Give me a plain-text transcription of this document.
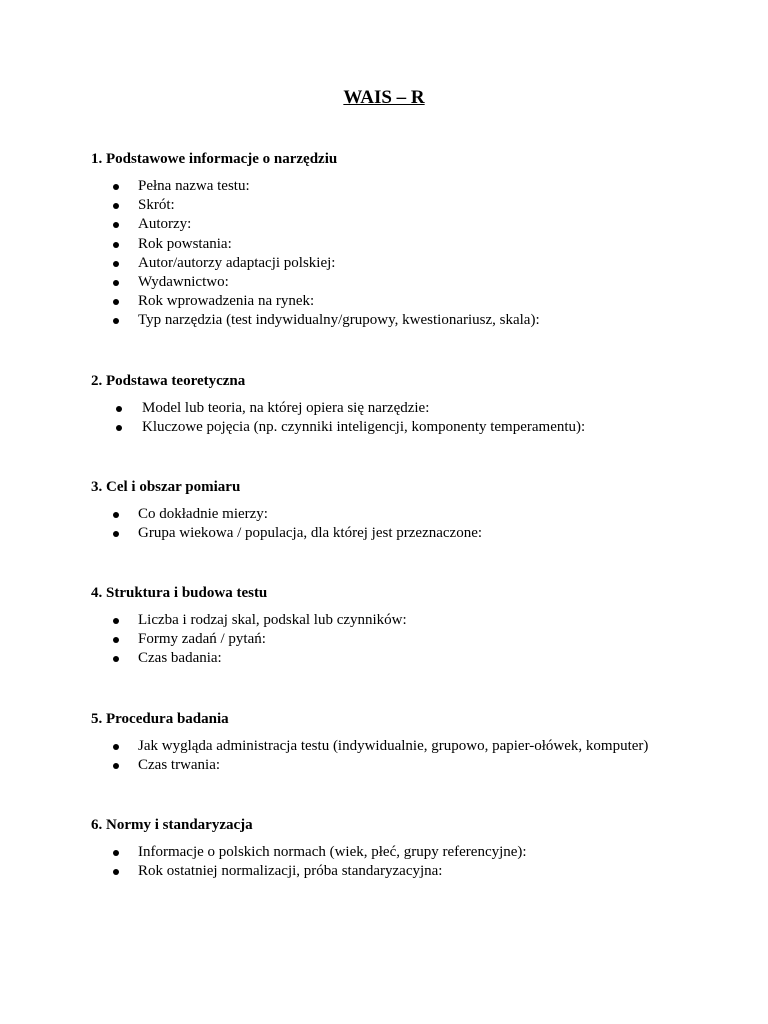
WAIS – R

1. Podstawowe informacje o narzędziu

Pełna nazwa testu:
Skrót:
Autorzy:
Rok powstania:
Autor/autorzy adaptacji polskiej:
Wydawnictwo:
Rok wprowadzenia na rynek:
Typ narzędzia (test indywidualny/grupowy, kwestionariusz, skala):

2. Podstawa teoretyczna

Model lub teoria, na której opiera się narzędzie:
Kluczowe pojęcia (np. czynniki inteligencji, komponenty temperamentu):

3. Cel i obszar pomiaru

Co dokładnie mierzy:
Grupa wiekowa / populacja, dla której jest przeznaczone:

4. Struktura i budowa testu

Liczba i rodzaj skal, podskal lub czynników:
Formy zadań / pytań:
Czas badania:

5. Procedura badania

Jak wygląda administracja testu (indywidualnie, grupowo, papier-ołówek, komputer)
Czas trwania:

6. Normy i standaryzacja

Informacje o polskich normach (wiek, płeć, grupy referencyjne):
Rok ostatniej normalizacji, próba standaryzacyjna:
